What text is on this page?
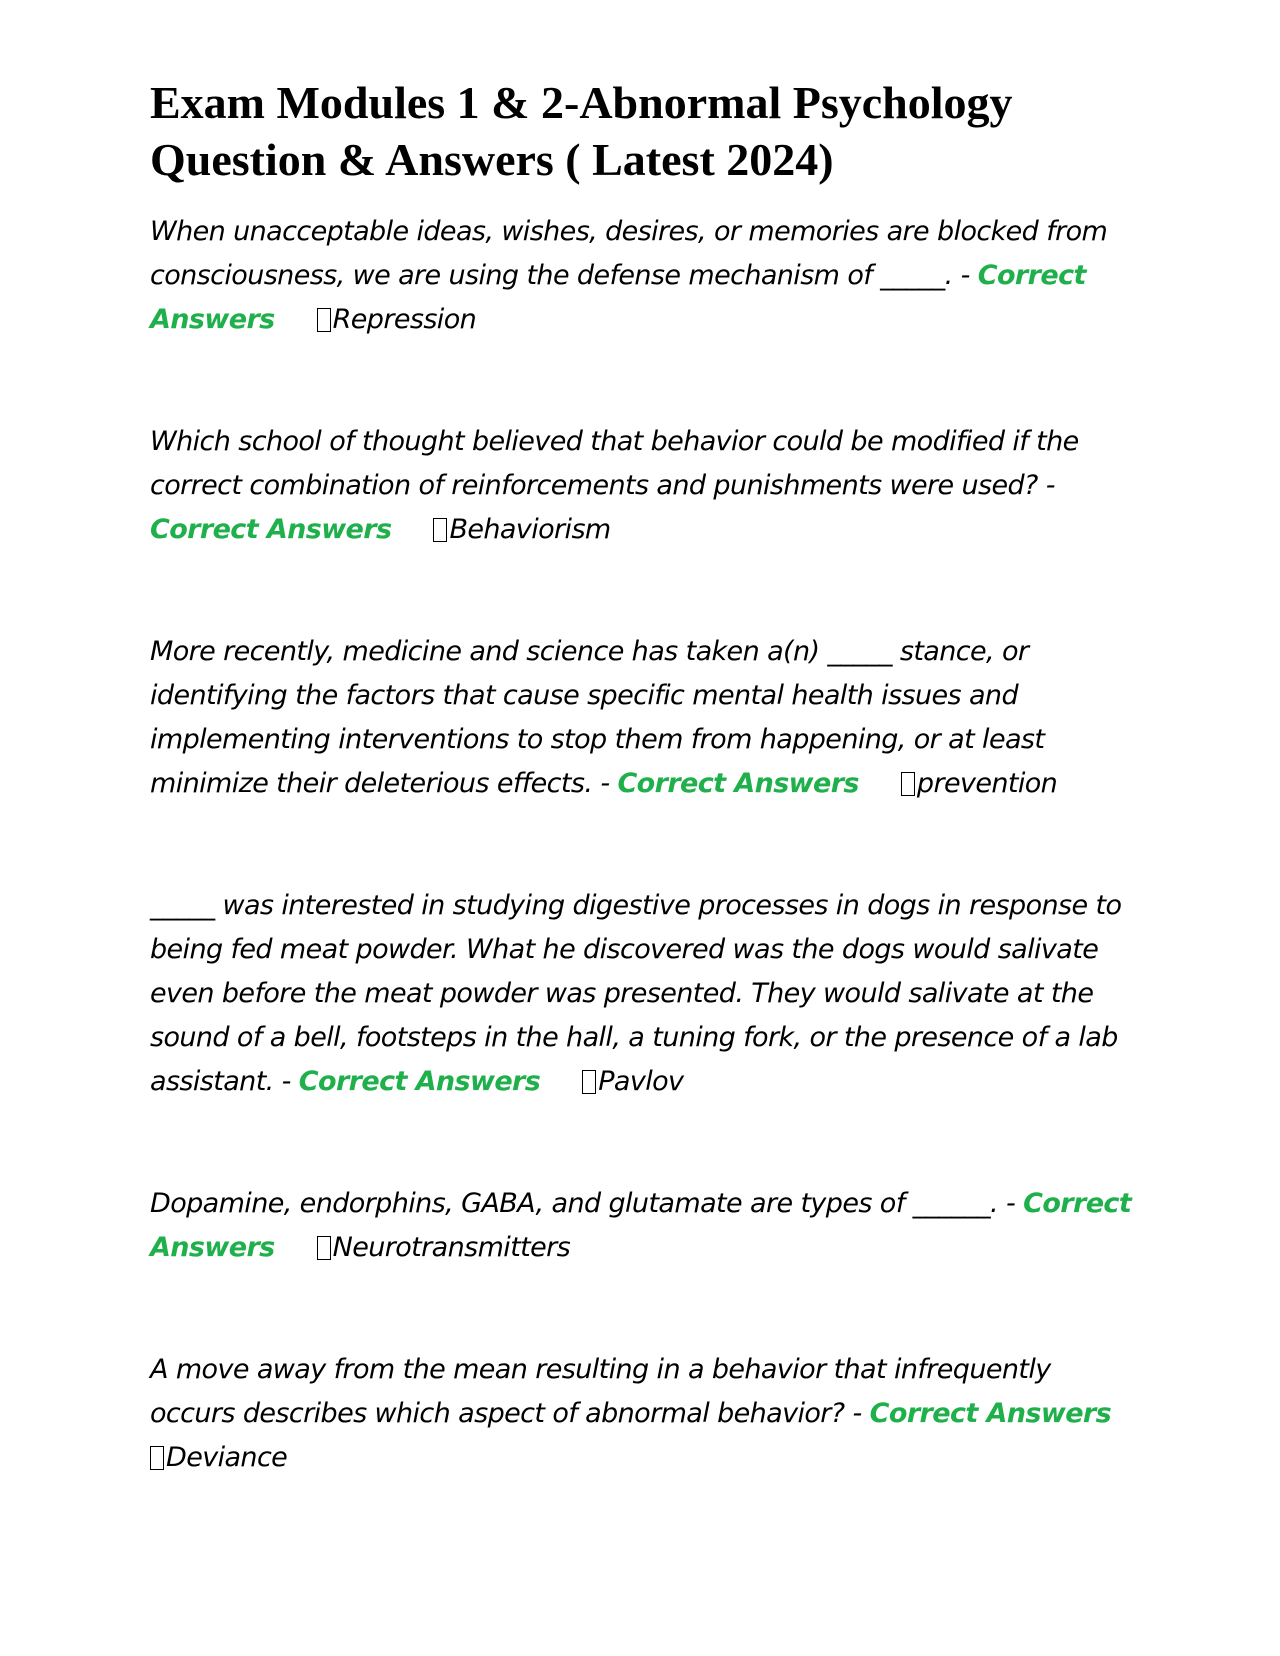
Exam Modules 1 & 2-Abnormal Psychology Question & Answers ( Latest 2024)

When unacceptable ideas, wishes, desires, or memories are blocked from consciousness, we are using the defense mechanism of _____. - Correct Answers Repression

Which school of thought believed that behavior could be modified if the correct combination of reinforcements and punishments were used? - Correct Answers Behaviorism

More recently, medicine and science has taken a(n) _____ stance, or identifying the factors that cause specific mental health issues and implementing interventions to stop them from happening, or at least minimize their deleterious effects. - Correct Answers prevention

_____ was interested in studying digestive processes in dogs in response to being fed meat powder. What he discovered was the dogs would salivate even before the meat powder was presented. They would salivate at the sound of a bell, footsteps in the hall, a tuning fork, or the presence of a lab assistant. - Correct Answers Pavlov

Dopamine, endorphins, GABA, and glutamate are types of ______. - Correct Answers Neurotransmitters

A move away from the mean resulting in a behavior that infrequently occurs describes which aspect of abnormal behavior? - Correct Answers Deviance
